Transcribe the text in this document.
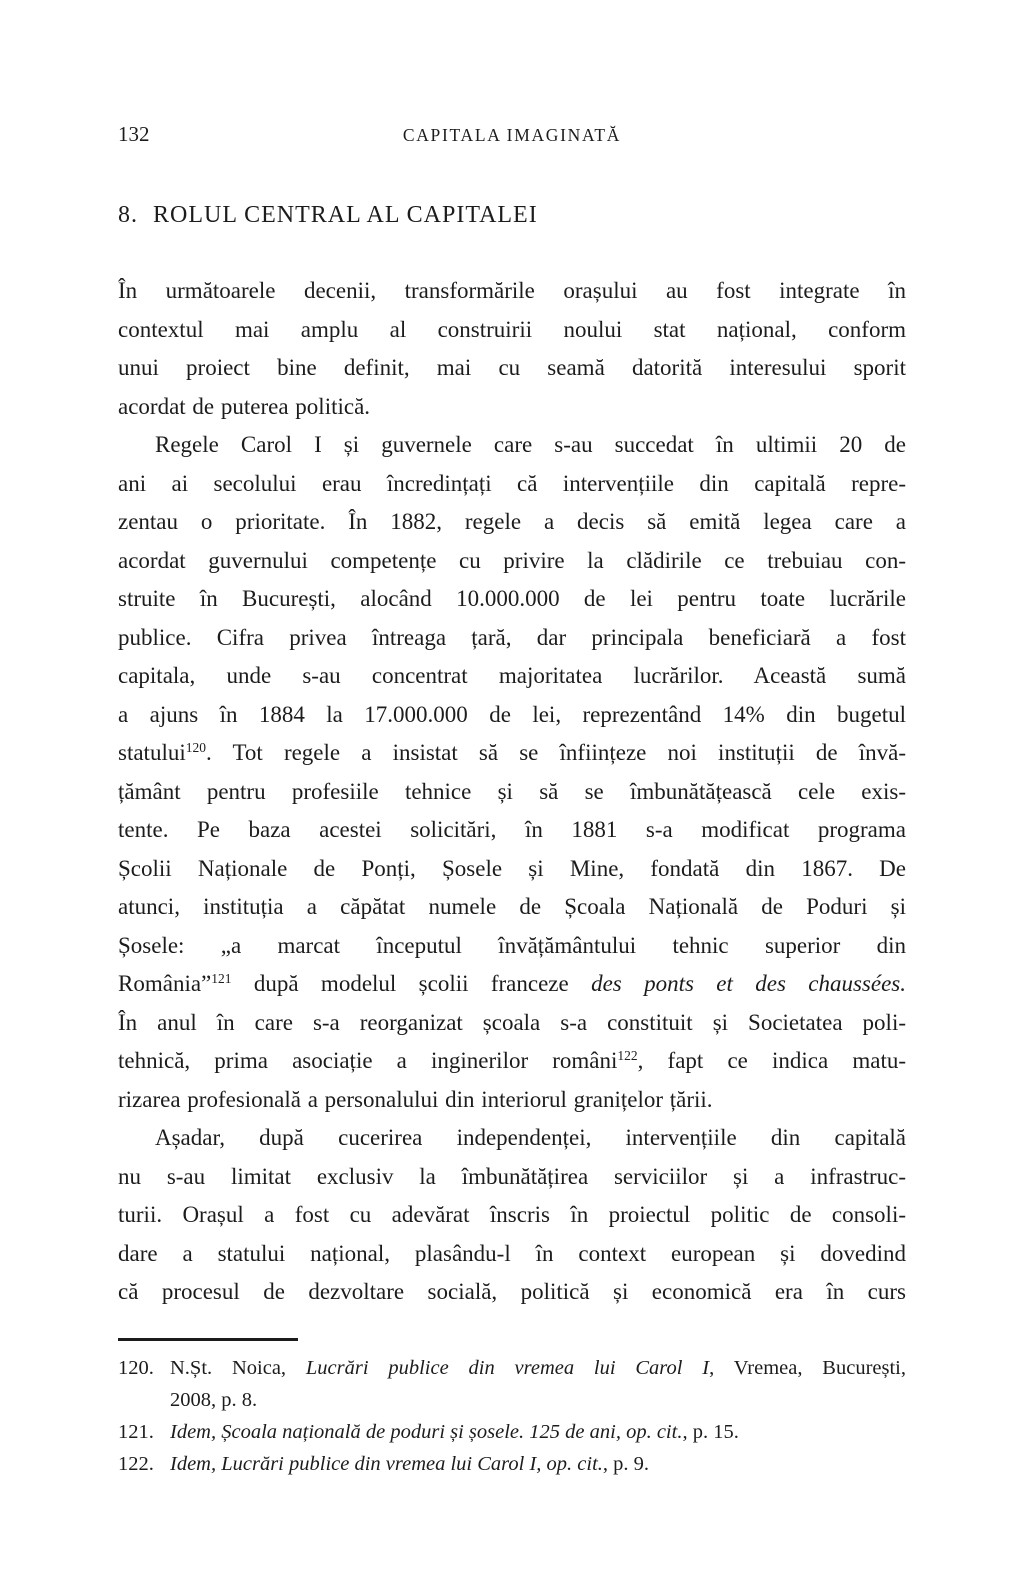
132	CAPITALA IMAGINATĂ
8. ROLUL CENTRAL AL CAPITALEI
În următoarele decenii, transformările orașului au fost integrate în
contextul mai amplu al construirii noului stat național, conform
unui proiect bine definit, mai cu seamă datorită interesului sporit
acordat de puterea politică.
Regele Carol I și guvernele care s-au succedat în ultimii 20 de
ani ai secolului erau încredințați că intervențiile din capitală repre-
zentau o prioritate. În 1882, regele a decis să emită legea care a
acordat guvernului competențe cu privire la clădirile ce trebuiau con-
struite în București, alocând 10.000.000 de lei pentru toate lucrările
publice. Cifra privea întreaga țară, dar principala beneficiară a fost
capitala, unde s-au concentrat majoritatea lucrărilor. Această sumă
a ajuns în 1884 la 17.000.000 de lei, reprezentând 14% din bugetul
statului$^{120}$. Tot regele a insistat să se înființeze noi instituții de învă-
țământ pentru profesiile tehnice și să se îmbunătățească cele exis-
tente. Pe baza acestei solicitări, în 1881 s-a modificat programa
Școlii Naționale de Ponți, Șosele și Mine, fondată din 1867. De
atunci, instituția a căpătat numele de Școala Națională de Poduri și
Șosele: „a marcat începutul învățământului tehnic superior din
România”$^{121}$ după modelul școlii franceze des ponts et des chaussées.
În anul în care s-a reorganizat școala s-a constituit și Societatea poli-
tehnică, prima asociație a inginerilor români$^{122}$, fapt ce indica matu-
rizarea profesională a personalului din interiorul granițelor țării.
Așadar, după cucerirea independenței, intervențiile din capitală
nu s-au limitat exclusiv la îmbunătățirea serviciilor și a infrastruc-
turii. Orașul a fost cu adevărat înscris în proiectul politic de consoli-
dare a statului național, plasându-l în context european și dovedind
că procesul de dezvoltare socială, politică și economică era în curs
120. N.Șt. Noica, Lucrări publice din vremea lui Carol I, Vremea, București,
2008, p. 8.
121. Idem, Școala națională de poduri și șosele. 125 de ani, op. cit., p. 15.
122. Idem, Lucrări publice din vremea lui Carol I, op. cit., p. 9.
